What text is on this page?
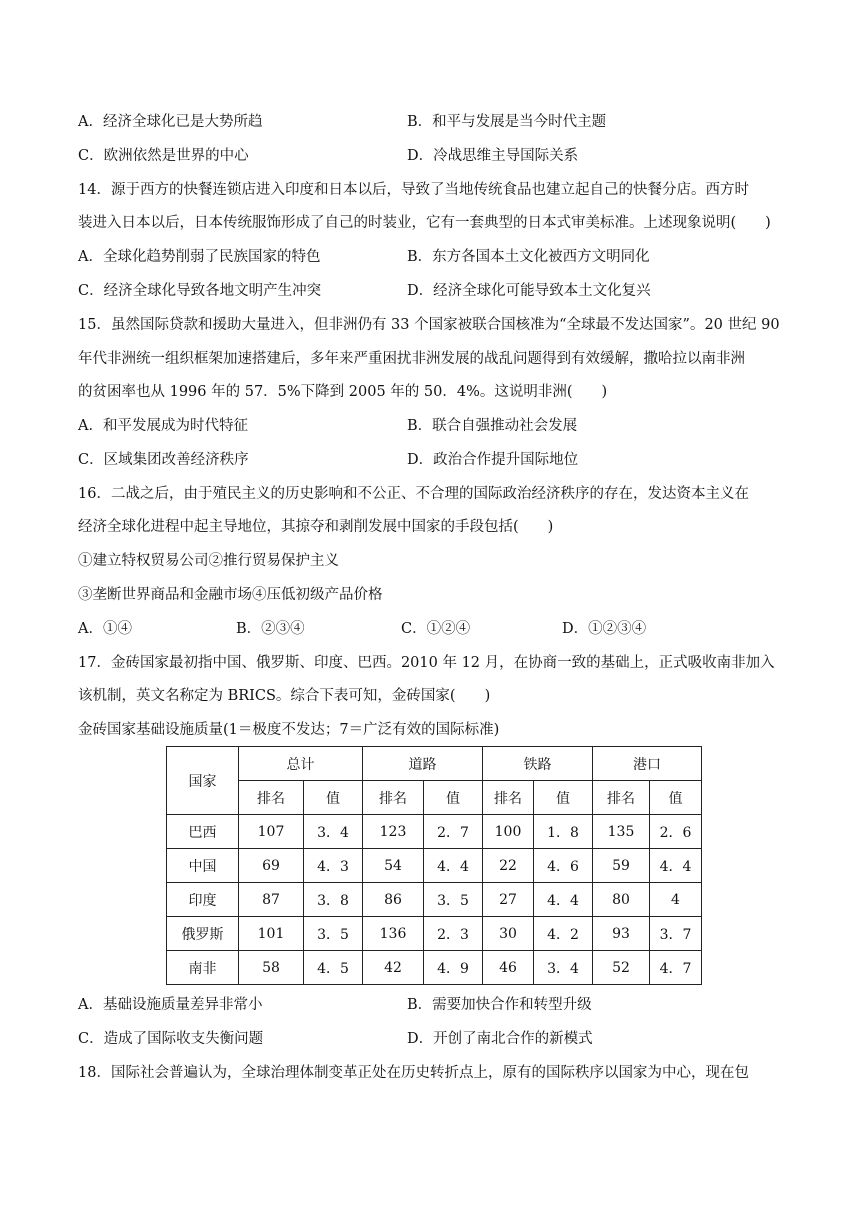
A．经济全球化已是大势所趋	B．和平与发展是当今时代主题
C．欧洲依然是世界的中心	D．冷战思维主导国际关系
14．源于西方的快餐连锁店进入印度和日本以后，导致了当地传统食品也建立起自己的快餐分店。西方时
装进入日本以后，日本传统服饰形成了自己的时装业，它有一套典型的日本式审美标准。上述现象说明(　　)
A．全球化趋势削弱了民族国家的特色	B．东方各国本土文化被西方文明同化
C．经济全球化导致各地文明产生冲突	D．经济全球化可能导致本土文化复兴
15．虽然国际贷款和援助大量进入，但非洲仍有 33 个国家被联合国核准为“全球最不发达国家”。20 世纪 90
年代非洲统一组织框架加速搭建后，多年来严重困扰非洲发展的战乱问题得到有效缓解，撒哈拉以南非洲
的贫困率也从 1996 年的 57．5%下降到 2005 年的 50．4%。这说明非洲(　　)
A．和平发展成为时代特征	B．联合自强推动社会发展
C．区域集团改善经济秩序	D．政治合作提升国际地位
16．二战之后，由于殖民主义的历史影响和不公正、不合理的国际政治经济秩序的存在，发达资本主义在
经济全球化进程中起主导地位，其掠夺和剥削发展中国家的手段包括(　　)
①建立特权贸易公司②推行贸易保护主义
③垄断世界商品和金融市场④压低初级产品价格
A．①④	B．②③④	C．①②④	D．①②③④
17．金砖国家最初指中国、俄罗斯、印度、巴西。2010 年 12 月，在协商一致的基础上，正式吸收南非加入
该机制，英文名称定为 BRICS。综合下表可知，金砖国家(　　)
金砖国家基础设施质量(1＝极度不发达；7＝广泛有效的国际标准)
国家	总计		道路		铁路		港口	
	排名	值	排名	值	排名	值	排名	值
巴西	107	3．4	123	2．7	100	1．8	135	2．6
中国	69	4．3	54	4．4	22	4．6	59	4．4
印度	87	3．8	86	3．5	27	4．4	80	4
俄罗斯	101	3．5	136	2．3	30	4．2	93	3．7
南非	58	4．5	42	4．9	46	3．4	52	4．7
A．基础设施质量差异非常小	B．需要加快合作和转型升级
C．造成了国际收支失衡问题	D．开创了南北合作的新模式
18．国际社会普遍认为，全球治理体制变革正处在历史转折点上，原有的国际秩序以国家为中心，现在包
